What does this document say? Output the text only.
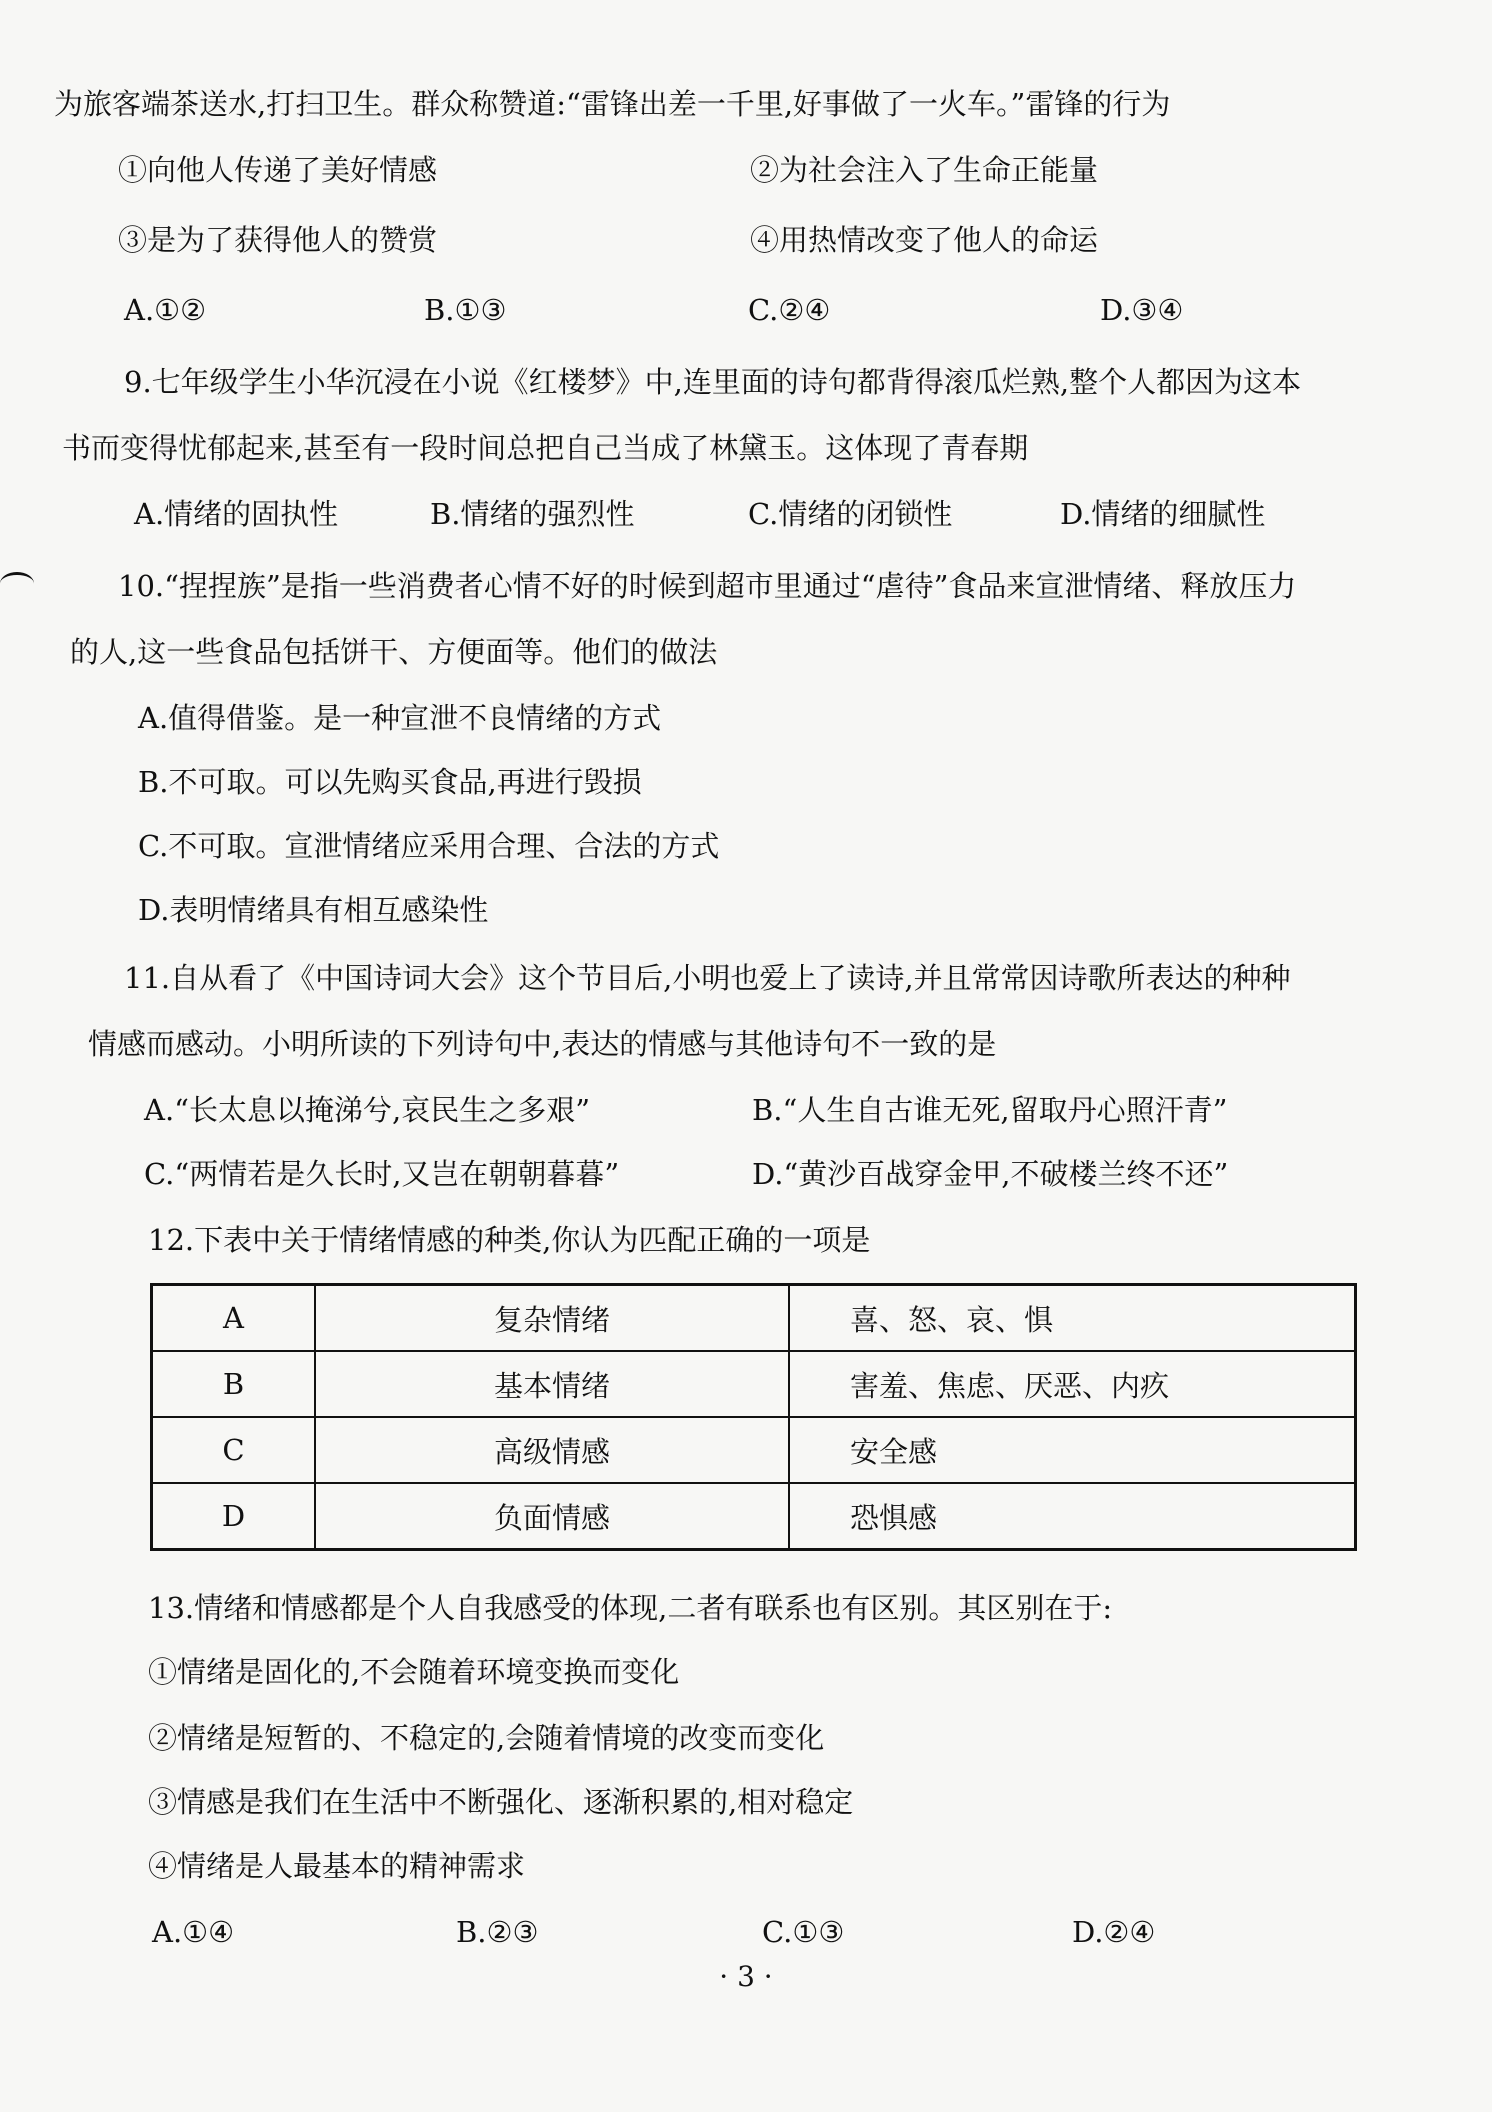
为旅客端茶送水,打扫卫生。群众称赞道:“雷锋出差一千里,好事做了一火车。”雷锋的行为
①向他人传递了美好情感	②为社会注入了生命正能量
③是为了获得他人的赞赏	④用热情改变了他人的命运
A.①②	B.①③	C.②④	D.③④
9.七年级学生小华沉浸在小说《红楼梦》中,连里面的诗句都背得滚瓜烂熟,整个人都因为这本
书而变得忧郁起来,甚至有一段时间总把自己当成了林黛玉。这体现了青春期
A.情绪的固执性	B.情绪的强烈性	C.情绪的闭锁性	D.情绪的细腻性
10.“捏捏族”是指一些消费者心情不好的时候到超市里通过“虐待”食品来宣泄情绪、释放压力
的人,这一些食品包括饼干、方便面等。他们的做法
A.值得借鉴。是一种宣泄不良情绪的方式
B.不可取。可以先购买食品,再进行毁损
C.不可取。宣泄情绪应采用合理、合法的方式
D.表明情绪具有相互感染性
11.自从看了《中国诗词大会》这个节目后,小明也爱上了读诗,并且常常因诗歌所表达的种种
情感而感动。小明所读的下列诗句中,表达的情感与其他诗句不一致的是
A.“长太息以掩涕兮,哀民生之多艰”	B.“人生自古谁无死,留取丹心照汗青”
C.“两情若是久长时,又岂在朝朝暮暮”	D.“黄沙百战穿金甲,不破楼兰终不还”
12.下表中关于情绪情感的种类,你认为匹配正确的一项是
A	复杂情绪	喜、怒、哀、惧
B	基本情绪	害羞、焦虑、厌恶、内疚
C	高级情感	安全感
D	负面情感	恐惧感
13.情绪和情感都是个人自我感受的体现,二者有联系也有区别。其区别在于:
①情绪是固化的,不会随着环境变换而变化
②情绪是短暂的、不稳定的,会随着情境的改变而变化
③情感是我们在生活中不断强化、逐渐积累的,相对稳定
④情绪是人最基本的精神需求
A.①④	B.②③	C.①③	D.②④
· 3 ·
